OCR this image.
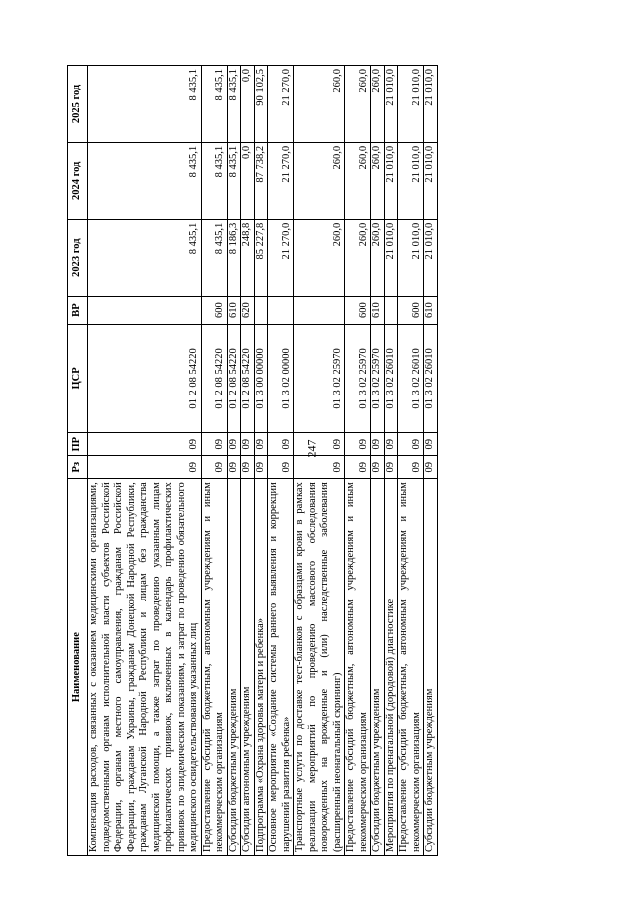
247
Наименование	Рз	ПР	ЦСР	ВР	2023 год	2024 год	2025 год
Компенсация расходов, связанных с оказанием медицинскими организациями, подведомственными органам исполнительной власти субъектов Российской Федерации, органам местного самоуправления, гражданам Российской Федерации, гражданам Украины, гражданам Донецкой Народной Республики, гражданам Луганской Народной Республики и лицам без гражданства медицинской помощи, а также затрат по проведению указанным лицам профилактических прививок, включенных в календарь профилактических прививок по эпидемическим показаниям, и затрат по проведению обязательного медицинского освидетельствования указанных лиц	09	09	01 2 08 54220		8 435,1	8 435,1	8 435,1
Предоставление субсидий бюджетным, автономным учреждениям и иным некоммерческим организациям	09	09	01 2 08 54220	600	8 435,1	8 435,1	8 435,1
Субсидии бюджетным учреждениям	09	09	01 2 08 54220	610	8 186,3	8 435,1	8 435,1
Субсидии автономным учреждениям	09	09	01 2 08 54220	620	248,8	0,0	0,0
Подпрограмма «Охрана здоровья матери и ребенка»	09	09	01 3 00 00000		85 227,8	87 738,2	90 102,5
Основное мероприятие «Создание системы раннего выявления и коррекции нарушений развития ребенка»	09	09	01 3 02 00000		21 270,0	21 270,0	21 270,0
Транспортные услуги по доставке тест-бланков с образцами крови в рамках реализации мероприятий по проведению массового обследования новорожденных на врожденные и (или) наследственные заболевания (расширенный неонатальный скрининг)	09	09	01 3 02 25970		260,0	260,0	260,0
Предоставление субсидий бюджетным, автономным учреждениям и иным некоммерческим организациям	09	09	01 3 02 25970	600	260,0	260,0	260,0
Субсидии бюджетным учреждениям	09	09	01 3 02 25970	610	260,0	260,0	260,0
Мероприятия по пренатальной (дородовой) диагностике	09	09	01 3 02 26010		21 010,0	21 010,0	21 010,0
Предоставление субсидий бюджетным, автономным учреждениям и иным некоммерческим организациям	09	09	01 3 02 26010	600	21 010,0	21 010,0	21 010,0
Субсидии бюджетным учреждениям	09	09	01 3 02 26010	610	21 010,0	21 010,0	21 010,0
